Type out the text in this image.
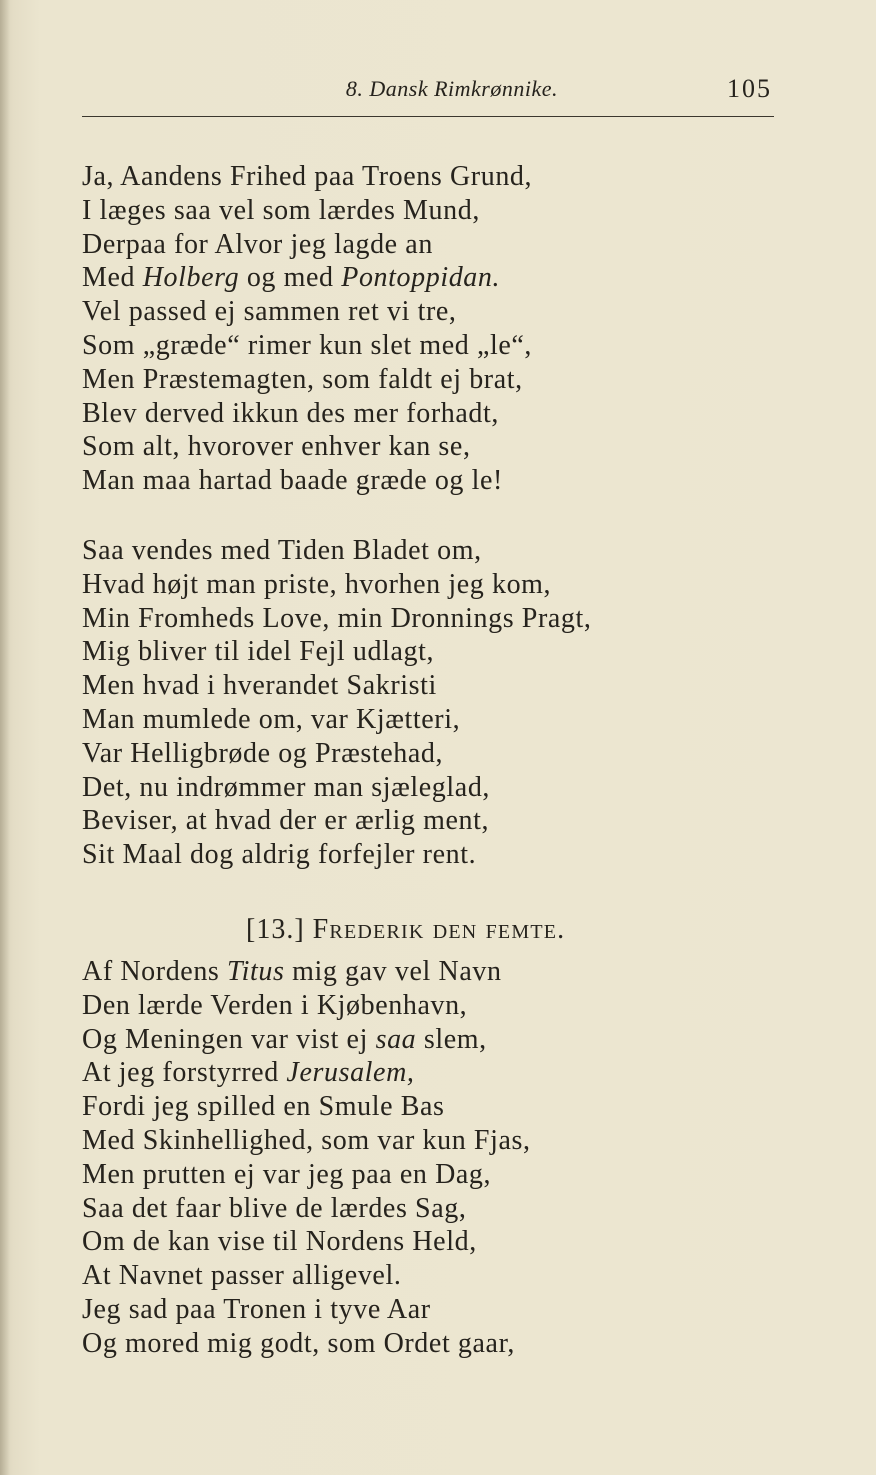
8. Dansk Rimkrønnike.	105
Ja, Aandens Frihed paa Troens Grund,
I læges saa vel som lærdes Mund,
Derpaa for Alvor jeg lagde an
Med Holberg og med Pontoppidan.
Vel passed ej sammen ret vi tre,
Som „græde“ rimer kun slet med „le“,
Men Præstemagten, som faldt ej brat,
Blev derved ikkun des mer forhadt,
Som alt, hvorover enhver kan se,
Man maa hartad baade græde og le!
Saa vendes med Tiden Bladet om,
Hvad højt man priste, hvorhen jeg kom,
Min Fromheds Love, min Dronnings Pragt,
Mig bliver til idel Fejl udlagt,
Men hvad i hverandet Sakristi
Man mumlede om, var Kjætteri,
Var Helligbrøde og Præstehad,
Det, nu indrømmer man sjæleglad,
Beviser, at hvad der er ærlig ment,
Sit Maal dog aldrig forfejler rent.
[13.] Frederik den femte.
Af Nordens Titus mig gav vel Navn
Den lærde Verden i Kjøbenhavn,
Og Meningen var vist ej saa slem,
At jeg forstyrred Jerusalem,
Fordi jeg spilled en Smule Bas
Med Skinhellighed, som var kun Fjas,
Men prutten ej var jeg paa en Dag,
Saa det faar blive de lærdes Sag,
Om de kan vise til Nordens Held,
At Navnet passer alligevel.
Jeg sad paa Tronen i tyve Aar
Og mored mig godt, som Ordet gaar,
